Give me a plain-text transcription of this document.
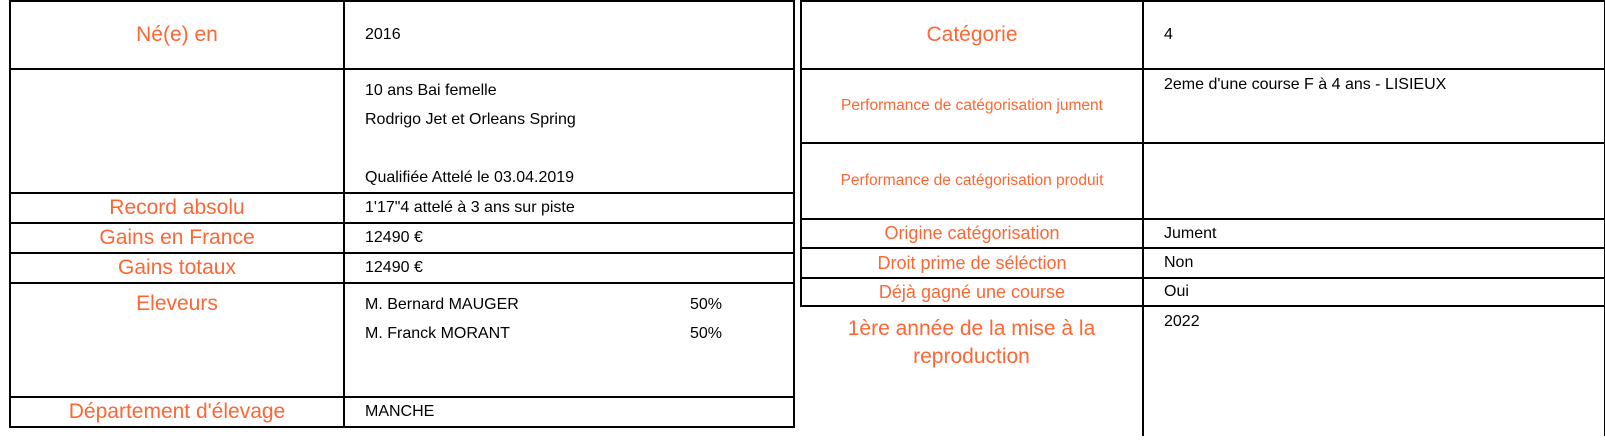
Né(e) en	2016

	10 ans Bai femelle
Rodrigo Jet et Orleans Spring
Qualifiée Attelé le 03.04.2019

Record absolu	1'17"4 attelé à 3 ans sur piste
Gains en France	12490 €
Gains totaux	12490 €
Eleveurs	M. Bernard MAUGER 50%
M. Franck MORANT 50%

Département d'élevage	MANCHE
Catégorie	4
Performance de catégorisation jument	2eme d'une course F à 4 ans - LISIEUX
Performance de catégorisation produit	
Origine catégorisation	Jument
Droit prime de séléction	Non
Déjà gagné une course	Oui
1ère année de la mise à la reproduction	2022
